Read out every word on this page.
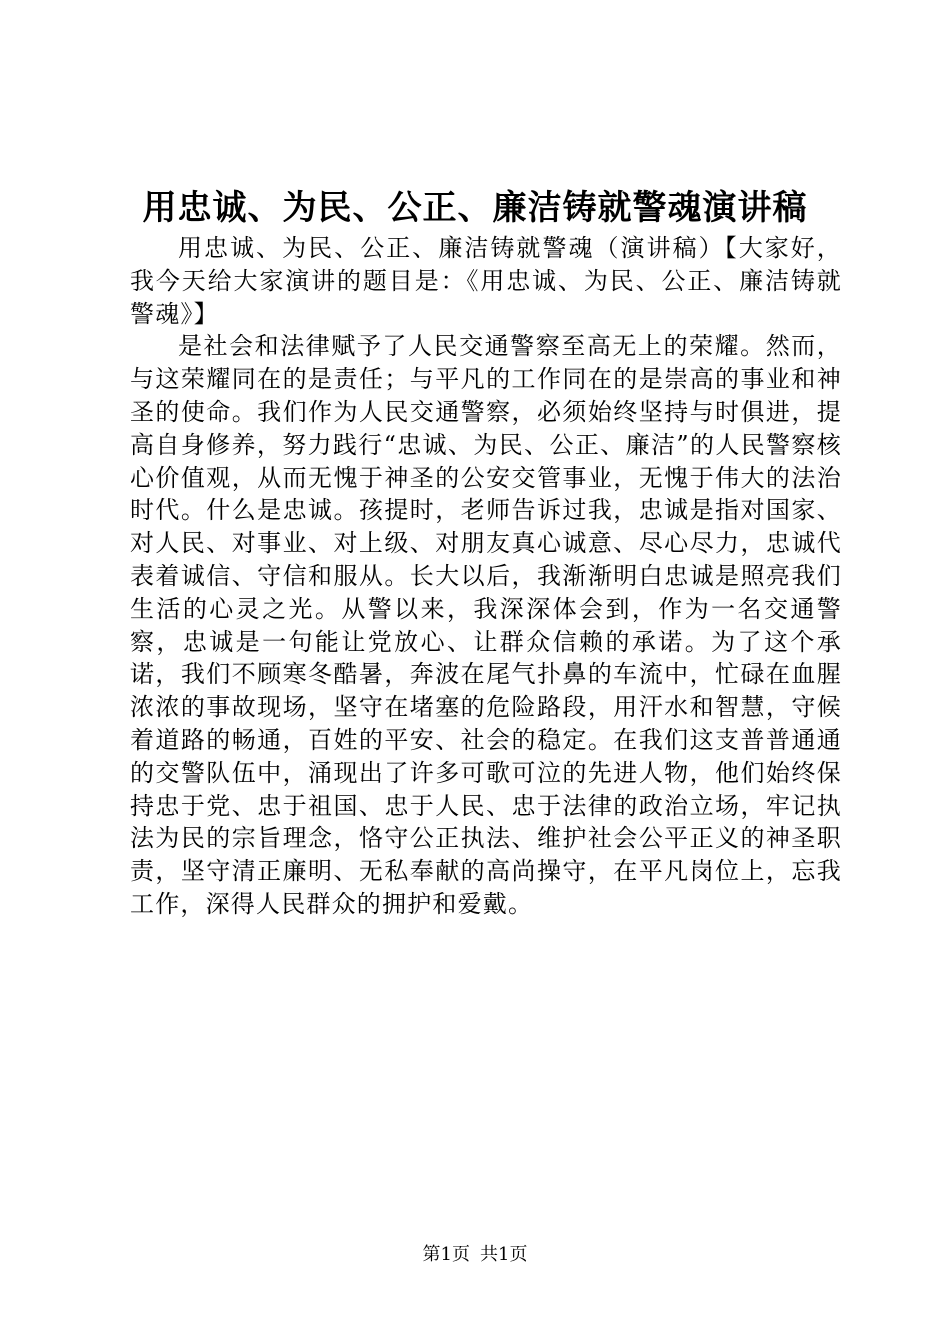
用忠诚、为民、公正、廉洁铸就警魂演讲稿

用忠诚、为民、公正、廉洁铸就警魂（演讲稿）【大家好，我今天给大家演讲的题目是：《用忠诚、为民、公正、廉洁铸就警魂》】

是社会和法律赋予了人民交通警察至高无上的荣耀。然而，与这荣耀同在的是责任；与平凡的工作同在的是崇高的事业和神圣的使命。我们作为人民交通警察，必须始终坚持与时俱进，提高自身修养，努力践行“忠诚、为民、公正、廉洁”的人民警察核心价值观，从而无愧于神圣的公安交管事业，无愧于伟大的法治时代。什么是忠诚。孩提时，老师告诉过我，忠诚是指对国家、对人民、对事业、对上级、对朋友真心诚意、尽心尽力，忠诚代表着诚信、守信和服从。长大以后，我渐渐明白忠诚是照亮我们生活的心灵之光。从警以来，我深深体会到，作为一名交通警察，忠诚是一句能让党放心、让群众信赖的承诺。为了这个承诺，我们不顾寒冬酷暑，奔波在尾气扑鼻的车流中，忙碌在血腥浓浓的事故现场，坚守在堵塞的危险路段，用汗水和智慧，守候着道路的畅通，百姓的平安、社会的稳定。在我们这支普普通通的交警队伍中，涌现出了许多可歌可泣的先进人物，他们始终保持忠于党、忠于祖国、忠于人民、忠于法律的政治立场，牢记执法为民的宗旨理念，恪守公正执法、维护社会公平正义的神圣职责，坚守清正廉明、无私奉献的高尚操守，在平凡岗位上，忘我工作，深得人民群众的拥护和爱戴。

第1页 共1页
